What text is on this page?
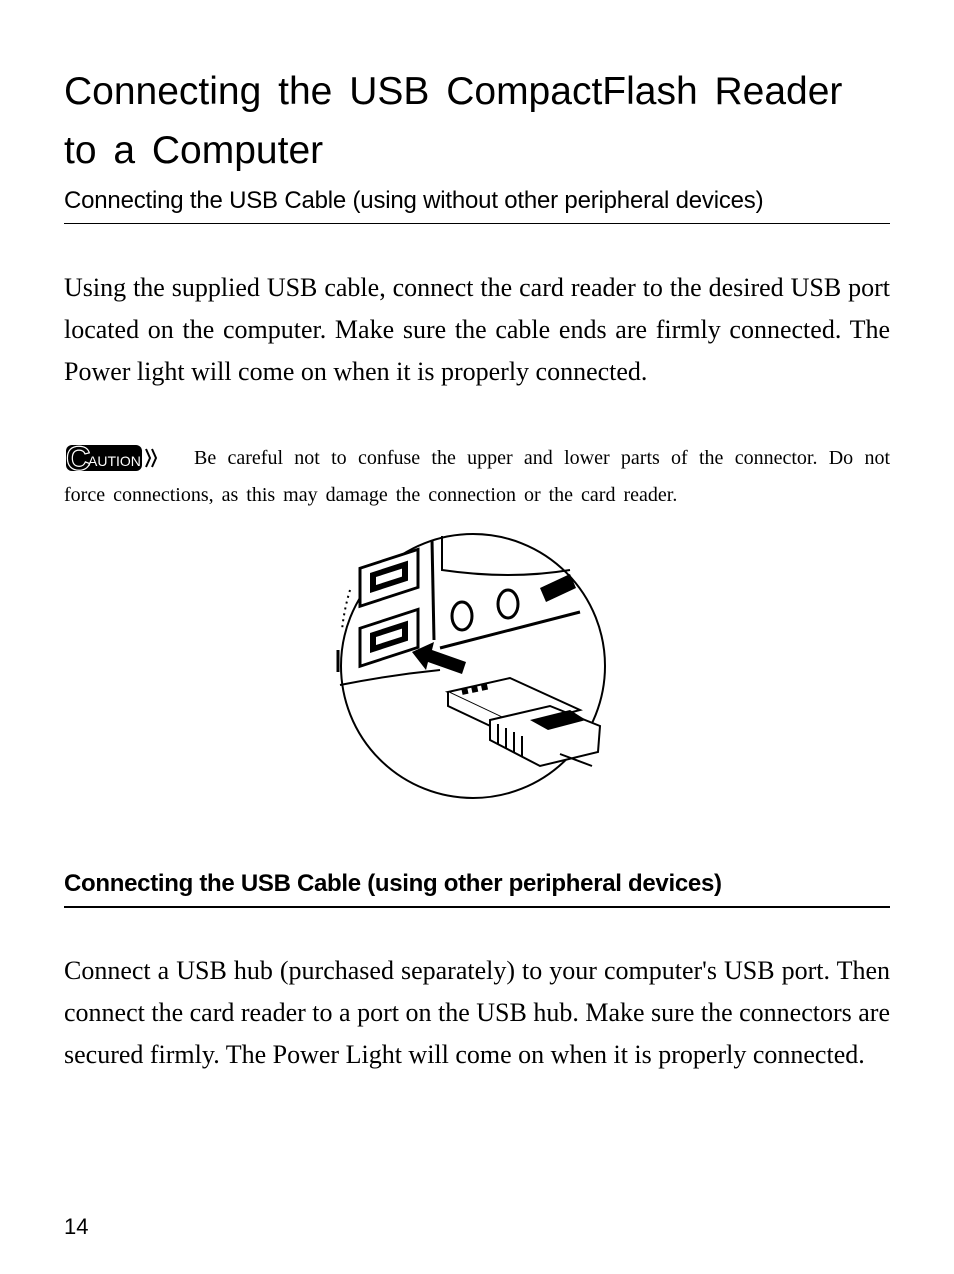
Connecting the USB CompactFlash Reader to a Computer
Connecting the USB Cable (using without other peripheral devices)

Using the supplied USB cable, connect the card reader to the desired USB port located on the computer. Make sure the cable ends are firmly connected. The Power light will come on when it is properly connected.

C
AUTION	Be careful not to confuse the upper and lower parts of the connector. Do not force connections, as this may damage the connection or the card reader.

Connecting the USB Cable (using other peripheral devices)

Connect a USB hub (purchased separately) to your computer's USB port. Then connect the card reader to a port on the USB hub. Make sure the connectors are secured firmly. The Power Light will come on when it is properly connected.

14
